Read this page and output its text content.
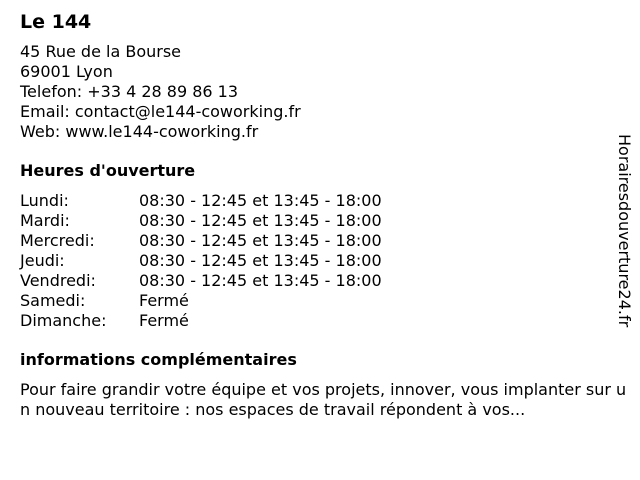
Le 144
45 Rue de la Bourse
69001 Lyon
Telefon: +33 4 28 89 86 13
Email: contact@le144-coworking.fr
Web: www.le144-coworking.fr
Heures d'ouverture
Lundi:	08:30 - 12:45 et 13:45 - 18:00
Mardi:	08:30 - 12:45 et 13:45 - 18:00
Mercredi:	08:30 - 12:45 et 13:45 - 18:00
Jeudi:	08:30 - 12:45 et 13:45 - 18:00
Vendredi:	08:30 - 12:45 et 13:45 - 18:00
Samedi:	Fermé
Dimanche:	Fermé
informations complémentaires
Pour faire grandir votre équipe et vos projets, innover, vous implanter sur un nouveau territoire : nos espaces de travail répondent à vos...
Horairesdouverture24.fr
